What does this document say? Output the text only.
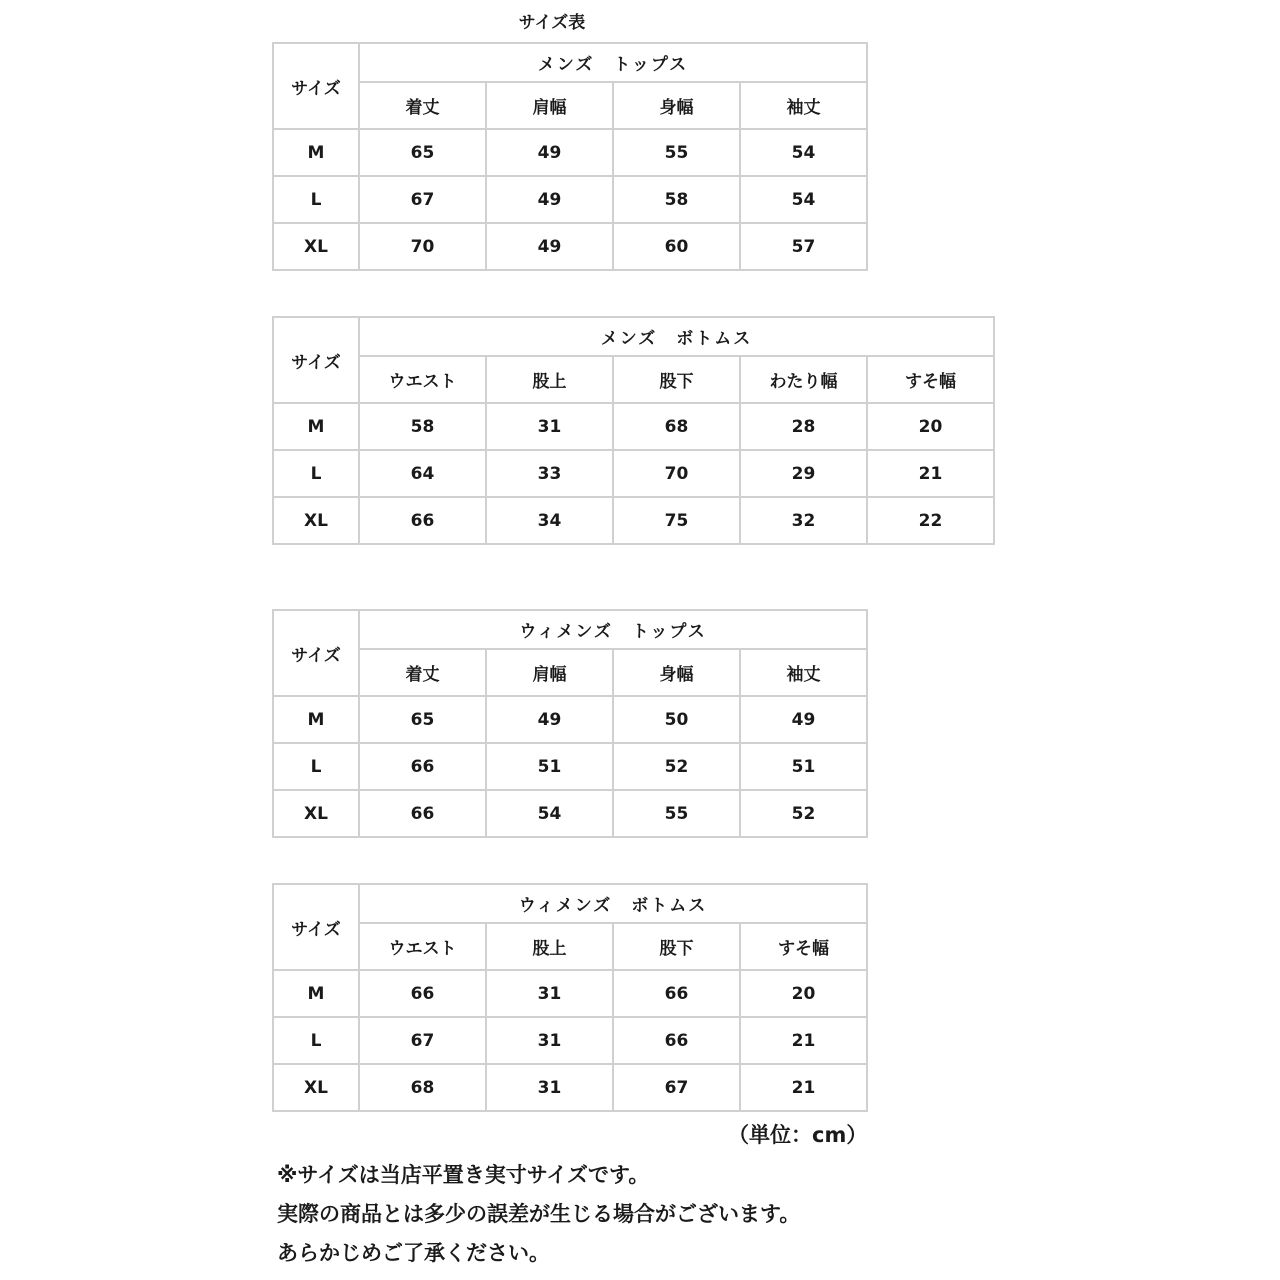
サイズ表
サイズ	メンズ　トップス			
	着丈	肩幅	身幅	袖丈
M	65	49	55	54
L	67	49	58	54
XL	70	49	60	57
サイズ	メンズ　ボトムス				
	ウエスト	股上	股下	わたり幅	すそ幅
M	58	31	68	28	20
L	64	33	70	29	21
XL	66	34	75	32	22
サイズ	ウィメンズ　トップス			
	着丈	肩幅	身幅	袖丈
M	65	49	50	49
L	66	51	52	51
XL	66	54	55	52
サイズ	ウィメンズ　ボトムス			
	ウエスト	股上	股下	すそ幅
M	66	31	66	20
L	67	31	66	21
XL	68	31	67	21
（単位：cm）
※サイズは当店平置き実寸サイズです。
実際の商品とは多少の誤差が生じる場合がございます。
あらかじめご了承ください。
